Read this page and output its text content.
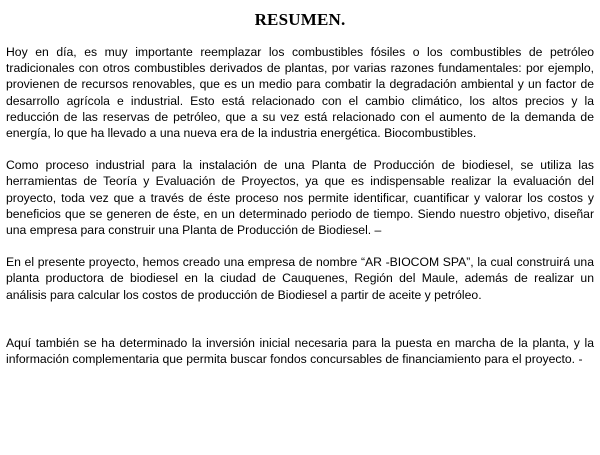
RESUMEN.

Hoy en día, es muy importante reemplazar los combustibles fósiles o los combustibles de petróleo tradicionales con otros combustibles derivados de plantas, por varias razones fundamentales: por ejemplo, provienen de recursos renovables, que es un medio para combatir la degradación ambiental y un factor de desarrollo agrícola e industrial. Esto está relacionado con el cambio climático, los altos precios y la reducción de las reservas de petróleo, que a su vez está relacionado con el aumento de la demanda de energía, lo que ha llevado a una nueva era de la industria energética. Biocombustibles.

Como proceso industrial para la instalación de una Planta de Producción de biodiesel, se utiliza las herramientas de Teoría y Evaluación de Proyectos, ya que es indispensable realizar la evaluación del proyecto, toda vez que a través de éste proceso nos permite identificar, cuantificar y valorar los costos y beneficios que se generen de éste, en un determinado periodo de tiempo. Siendo nuestro objetivo, diseñar una empresa para construir una Planta de Producción de Biodiesel. –

En el presente proyecto, hemos creado una empresa de nombre “AR -BIOCOM SPA”, la cual construirá una planta productora de biodiesel en la ciudad de Cauquenes, Región del Maule, además de realizar un análisis para calcular los costos de producción de Biodiesel a partir de aceite y petróleo.

Aquí también se ha determinado la inversión inicial necesaria para la puesta en marcha de la planta, y la información complementaria que permita buscar fondos concursables de financiamiento para el proyecto. -
